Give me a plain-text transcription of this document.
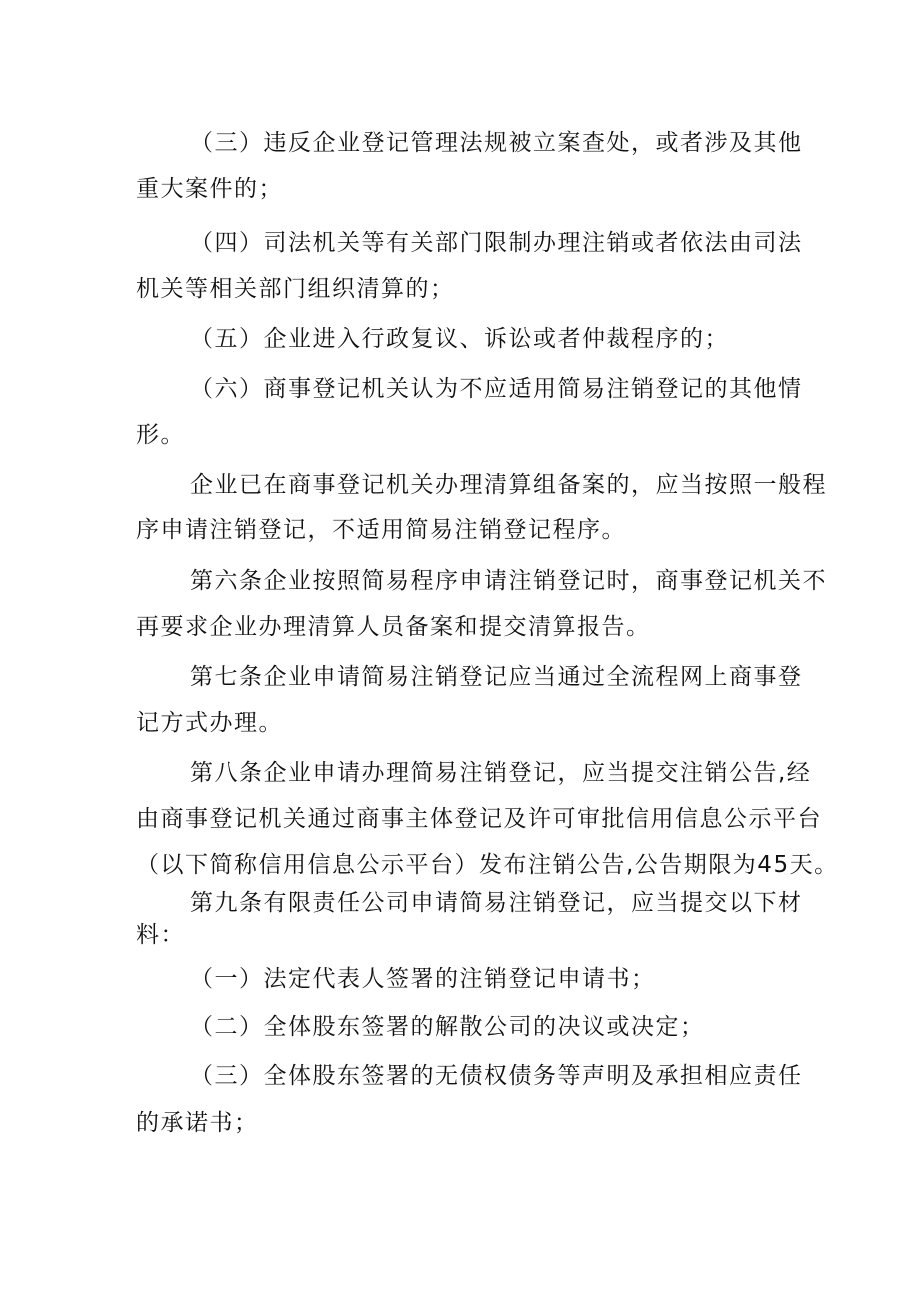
（三）违反企业登记管理法规被立案查处，或者涉及其他
重大案件的；
（四）司法机关等有关部门限制办理注销或者依法由司法
机关等相关部门组织清算的；
（五）企业进入行政复议、诉讼或者仲裁程序的；
（六）商事登记机关认为不应适用简易注销登记的其他情
形。
企业已在商事登记机关办理清算组备案的，应当按照一般程
序申请注销登记，不适用简易注销登记程序。
第六条企业按照简易程序申请注销登记时，商事登记机关不
再要求企业办理清算人员备案和提交清算报告。
第七条企业申请简易注销登记应当通过全流程网上商事登
记方式办理。
第八条企业申请办理简易注销登记，应当提交注销公告,经
由商事登记机关通过商事主体登记及许可审批信用信息公示平台
（以下简称信用信息公示平台）发布注销公告,公告期限为45天。
第九条有限责任公司申请简易注销登记，应当提交以下材
料：
（一）法定代表人签署的注销登记申请书；
（二）全体股东签署的解散公司的决议或决定；
（三）全体股东签署的无债权债务等声明及承担相应责任
的承诺书；
